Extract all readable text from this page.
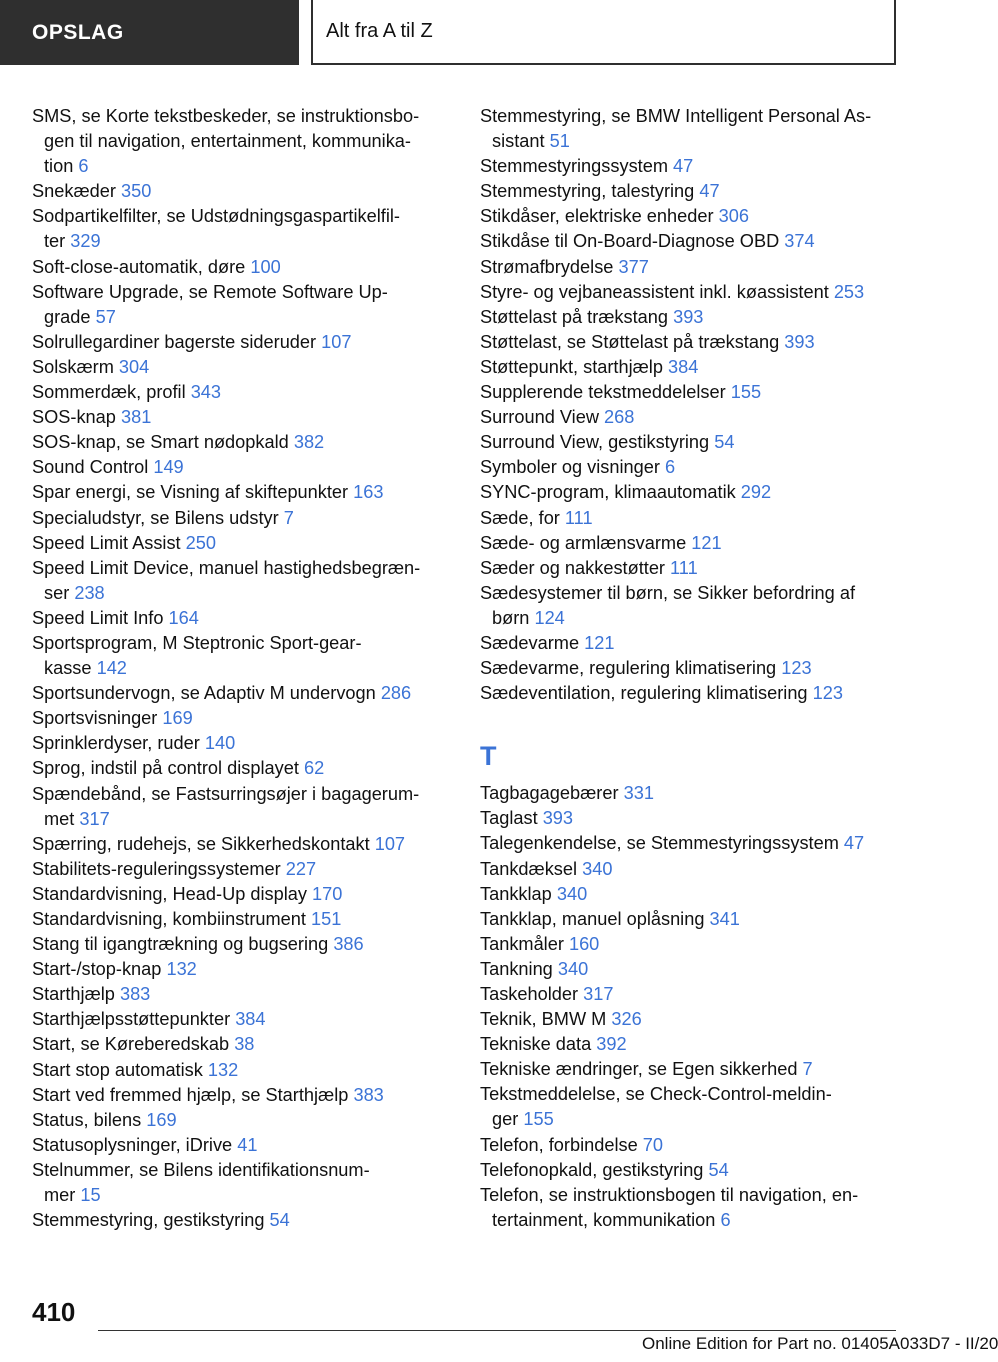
OPSLAG	Alt fra A til Z
SMS, se Korte tekstbeskeder, se instruktionsbo-
gen til navigation, entertainment, kommunika-
tion 6
Snekæder 350
Sodpartikelfilter, se Udstødningsgaspartikelfil-
ter 329
Soft-close-automatik, døre 100
Software Upgrade, se Remote Software Up-
grade 57
Solrullegardiner bagerste sideruder 107
Solskærm 304
Sommerdæk, profil 343
SOS-knap 381
SOS-knap, se Smart nødopkald 382
Sound Control 149
Spar energi, se Visning af skiftepunkter 163
Specialudstyr, se Bilens udstyr 7
Speed Limit Assist 250
Speed Limit Device, manuel hastighedsbegræn-
ser 238
Speed Limit Info 164
Sportsprogram, M Steptronic Sport-gear-
kasse 142
Sportsundervogn, se Adaptiv M undervogn 286
Sportsvisninger 169
Sprinklerdyser, ruder 140
Sprog, indstil på control displayet 62
Spændebånd, se Fastsurringsøjer i bagagerum-
met 317
Spærring, rudehejs, se Sikkerhedskontakt 107
Stabilitets-reguleringssystemer 227
Standardvisning, Head-Up display 170
Standardvisning, kombiinstrument 151
Stang til igangtrækning og bugsering 386
Start-/stop-knap 132
Starthjælp 383
Starthjælpsstøttepunkter 384
Start, se Køreberedskab 38
Start stop automatisk 132
Start ved fremmed hjælp, se Starthjælp 383
Status, bilens 169
Statusoplysninger, iDrive 41
Stelnummer, se Bilens identifikationsnum-
mer 15
Stemmestyring, gestikstyring 54
Stemmestyring, se BMW Intelligent Personal As-
sistant 51
Stemmestyringssystem 47
Stemmestyring, talestyring 47
Stikdåser, elektriske enheder 306
Stikdåse til On-Board-Diagnose OBD 374
Strømafbrydelse 377
Styre- og vejbaneassistent inkl. køassistent 253
Støttelast på trækstang 393
Støttelast, se Støttelast på trækstang 393
Støttepunkt, starthjælp 384
Supplerende tekstmeddelelser 155
Surround View 268
Surround View, gestikstyring 54
Symboler og visninger 6
SYNC-program, klimaautomatik 292
Sæde, for 111
Sæde- og armlænsvarme 121
Sæder og nakkestøtter 111
Sædesystemer til børn, se Sikker befordring af
børn 124
Sædevarme 121
Sædevarme, regulering klimatisering 123
Sædeventilation, regulering klimatisering 123
T
Tagbagagebærer 331
Taglast 393
Talegenkendelse, se Stemmestyringssystem 47
Tankdæksel 340
Tankklap 340
Tankklap, manuel oplåsning 341
Tankmåler 160
Tankning 340
Taskeholder 317
Teknik, BMW M 326
Tekniske data 392
Tekniske ændringer, se Egen sikkerhed 7
Tekstmeddelelse, se Check-Control-meldin-
ger 155
Telefon, forbindelse 70
Telefonopkald, gestikstyring 54
Telefon, se instruktionsbogen til navigation, en-
tertainment, kommunikation 6
410
Online Edition for Part no. 01405A033D7 - II/20
